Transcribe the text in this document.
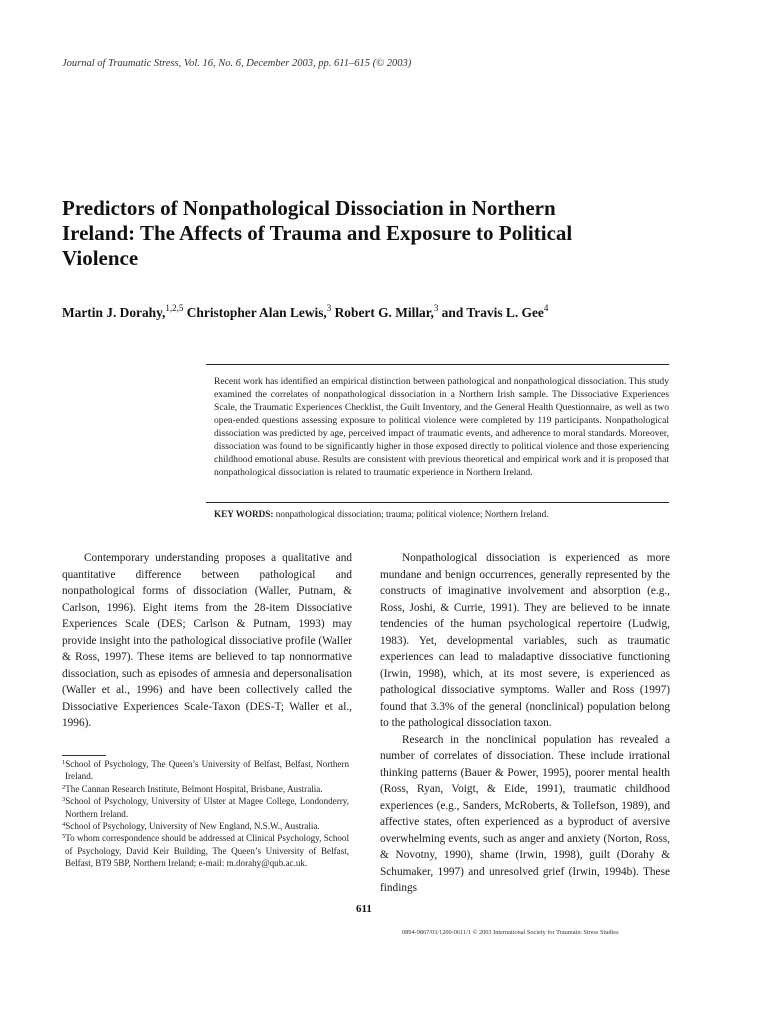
Journal of Traumatic Stress, Vol. 16, No. 6, December 2003, pp. 611–615 (© 2003)
Predictors of Nonpathological Dissociation in Northern Ireland: The Affects of Trauma and Exposure to Political Violence
Martin J. Dorahy,$^{1,2,5}$ Christopher Alan Lewis,$^3$ Robert G. Millar,$^3$ and Travis L. Gee$^4$
Recent work has identified an empirical distinction between pathological and nonpathological dissociation. This study examined the correlates of nonpathological dissociation in a Northern Irish sample. The Dissociative Experiences Scale, the Traumatic Experiences Checklist, the Guilt Inventory, and the General Health Questionnaire, as well as two open-ended questions assessing exposure to political violence were completed by 119 participants. Nonpathological dissociation was predicted by age, perceived impact of traumatic events, and adherence to moral standards. Moreover, dissociation was found to be significantly higher in those exposed directly to political violence and those experiencing childhood emotional abuse. Results are consistent with previous theoretical and empirical work and it is proposed that nonpathological dissociation is related to traumatic experience in Northern Ireland.
KEY WORDS: nonpathological dissociation; trauma; political violence; Northern Ireland.

Contemporary understanding proposes a qualitative and quantitative difference between pathological and nonpathological forms of dissociation (Waller, Putnam, & Carlson, 1996). Eight items from the 28-item Dissociative Experiences Scale (DES; Carlson & Putnam, 1993) may provide insight into the pathological dissociative profile (Waller & Ross, 1997). These items are believed to tap nonnormative dissociation, such as episodes of amnesia and depersonalisation (Waller et al., 1996) and have been collectively called the Dissociative Experiences Scale-Taxon (DES-T; Waller et al., 1996).

Nonpathological dissociation is experienced as more mundane and benign occurrences, generally represented by the constructs of imaginative involvement and absorption (e.g., Ross, Joshi, & Currie, 1991). They are believed to be innate tendencies of the human psychological repertoire (Ludwig, 1983). Yet, developmental variables, such as traumatic experiences can lead to maladaptive dissociative functioning (Irwin, 1998), which, at its most severe, is experienced as pathological dissociative symptoms. Waller and Ross (1997) found that 3.3% of the general (nonclinical) population belong to the pathological dissociation taxon.

Research in the nonclinical population has revealed a number of correlates of dissociation. These include irrational thinking patterns (Bauer & Power, 1995), poorer mental health (Ross, Ryan, Voigt, & Eide, 1991), traumatic childhood experiences (e.g., Sanders, McRoberts, & Tollefson, 1989), and affective states, often experienced as a byproduct of aversive overwhelming events, such as anger and anxiety (Norton, Ross, & Novotny, 1990), shame (Irwin, 1998), guilt (Dorahy & Schumaker, 1997) and unresolved grief (Irwin, 1994b). These findings

$^1$School of Psychology, The Queen’s University of Belfast, Belfast, Northern Ireland.
$^2$The Cannan Research Institute, Belmont Hospital, Brisbane, Australia.
$^3$School of Psychology, University of Ulster at Magee College, Londonderry, Northern Ireland.
$^4$School of Psychology, University of New England, N.S.W., Australia.
$^5$To whom correspondence should be addressed at Clinical Psychology, School of Psychology, David Keir Building, The Queen’s University of Belfast, Belfast, BT9 5BP, Northern Ireland; e-mail: m.dorahy@qub.ac.uk.
611
0894-9867/03/1200-0611/1 © 2003 International Society for Traumatic Stress Studies
